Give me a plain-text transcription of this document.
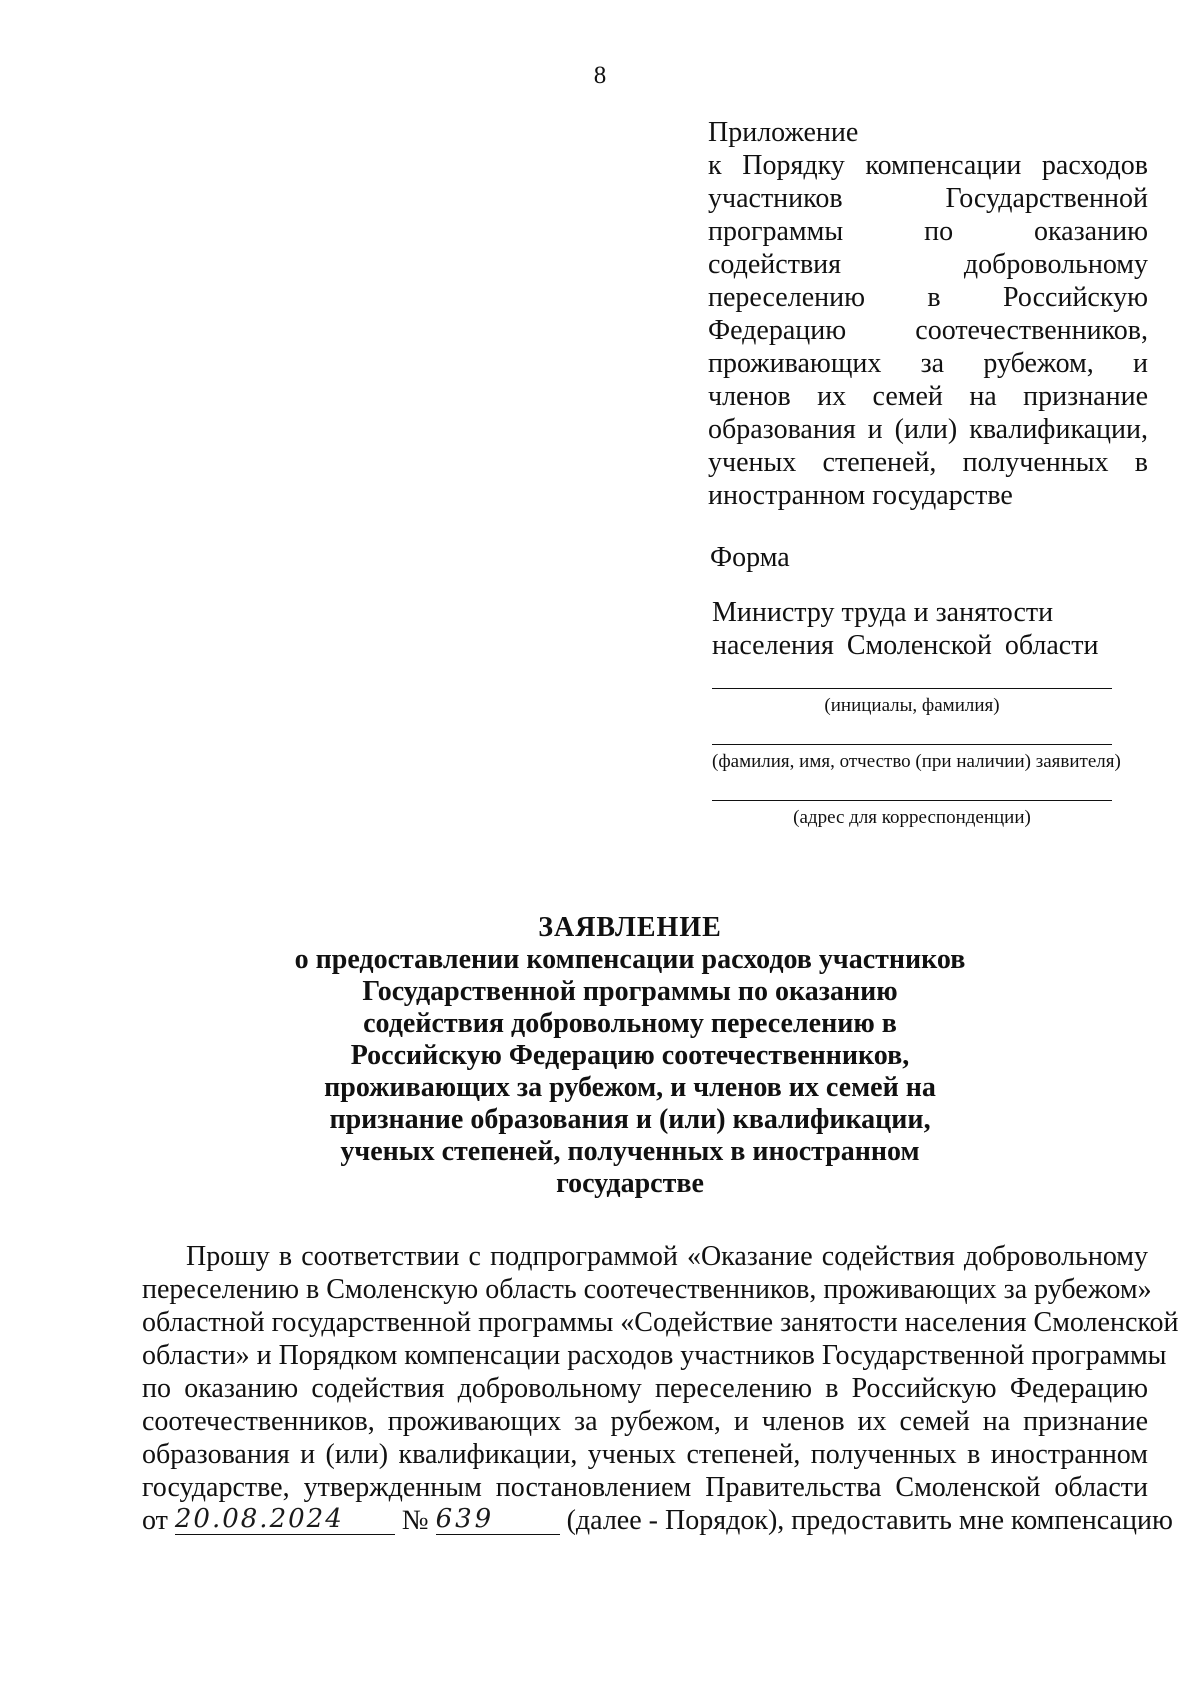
8
Приложение
к Порядку компенсации расходов
участников Государственной
программы по оказанию
содействия добровольному
переселению в Российскую
Федерацию соотечественников,
проживающих за рубежом, и
членов их семей на признание
образования и (или) квалификации,
ученых степеней, полученных в
иностранном государстве
Форма
Министру труда и занятости
населения Смоленской области
(инициалы, фамилия)
(фамилия, имя, отчество (при наличии) заявителя)
(адрес для корреспонденции)
ЗАЯВЛЕНИЕ
о предоставлении компенсации расходов участников
Государственной программы по оказанию
содействия добровольному переселению в
Российскую Федерацию соотечественников,
проживающих за рубежом, и членов их семей на
признание образования и (или) квалификации,
ученых степеней, полученных в иностранном
государстве
Прошу в соответствии с подпрограммой «Оказание содействия добровольному
переселению в Смоленскую область соотечественников, проживающих за рубежом»
областной государственной программы «Содействие занятости населения Смоленской
области» и Порядком компенсации расходов участников Государственной программы
по оказанию содействия добровольному переселению в Российскую Федерацию
соотечественников, проживающих за рубежом, и членов их семей на признание
образования и (или) квалификации, ученых степеней, полученных в иностранном
государстве, утвержденным постановлением Правительства Смоленской области
от 20.08.2024 № 639	(далее - Порядок), предоставить мне компенсацию
